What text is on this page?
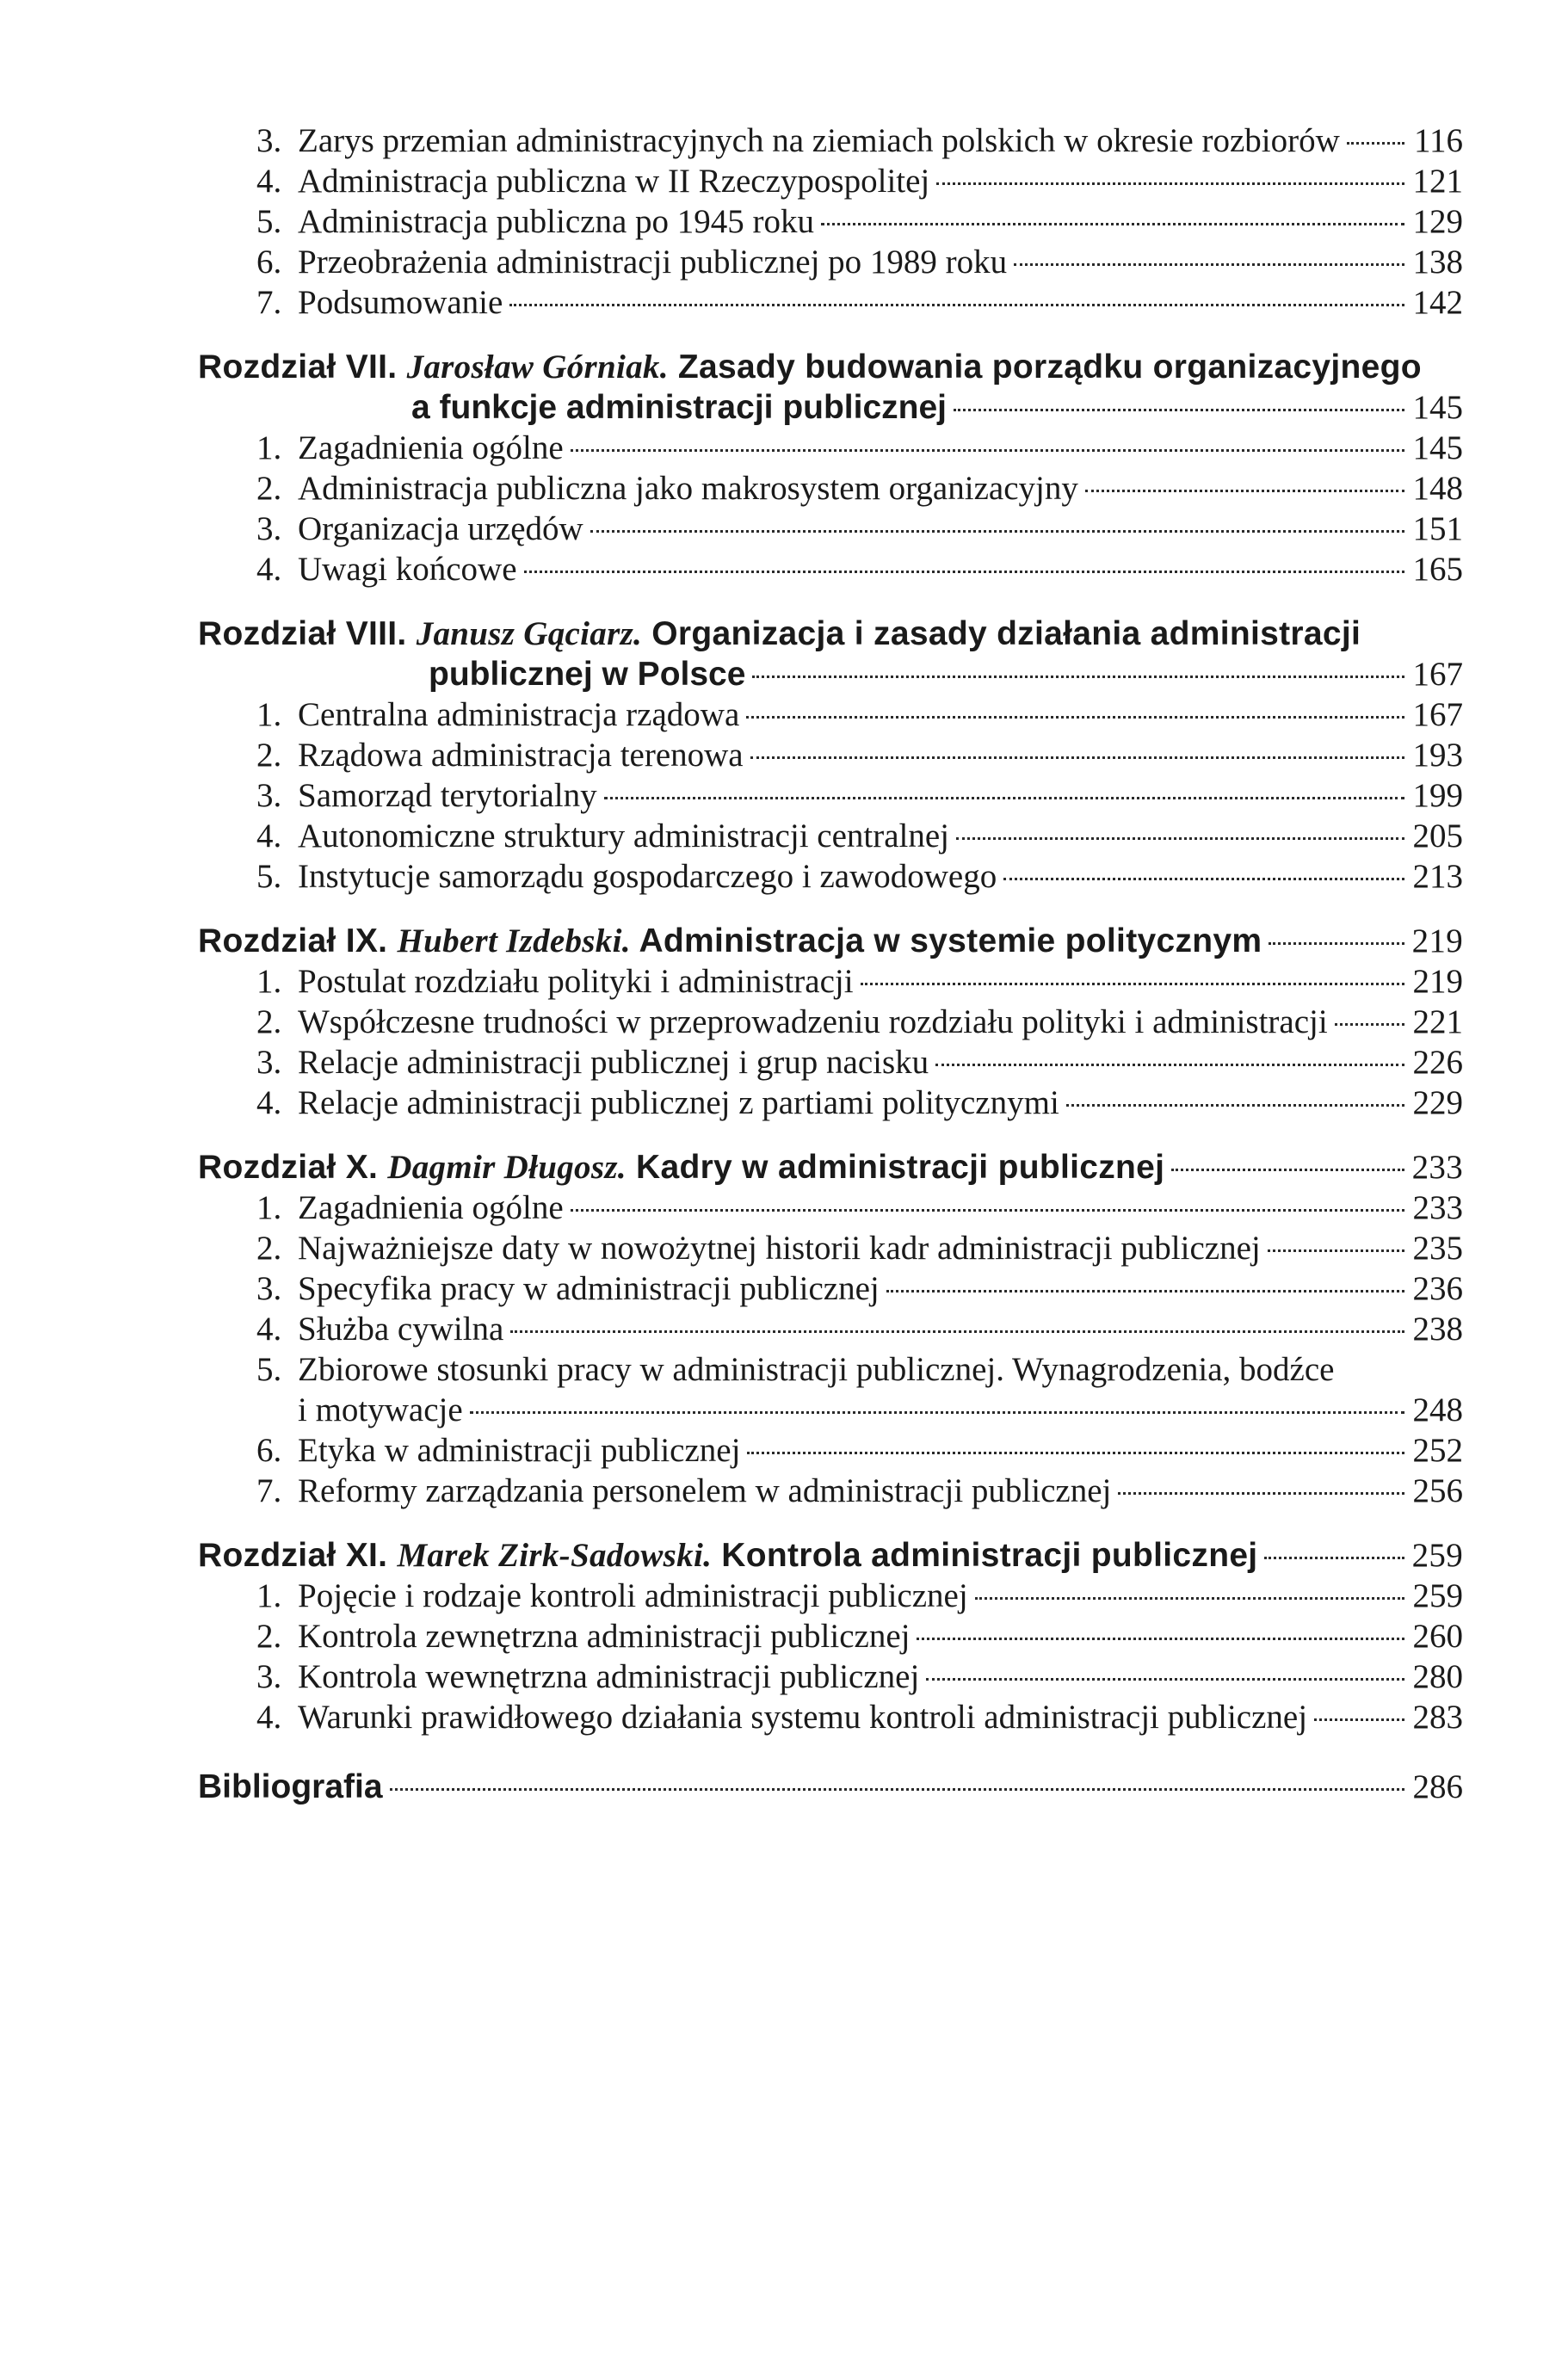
3. Zarys przemian administracyjnych na ziemiach polskich w okresie rozbiorów 116
4. Administracja publiczna w II Rzeczypospolitej	121
5. Administracja publiczna po 1945 roku	129
6. Przeobrażenia administracji publicznej po 1989 roku	138
7. Podsumowanie	142
Rozdział VII. Jarosław Górniak. Zasady budowania porządku organizacyjnego
a funkcje administracji publicznej	145
1. Zagadnienia ogólne	145
2. Administracja publiczna jako makrosystem organizacyjny	148
3. Organizacja urzędów	151
4. Uwagi końcowe	165
Rozdział VIII. Janusz Gąciarz. Organizacja i zasady działania administracji
publicznej w Polsce	167
1. Centralna administracja rządowa	167
2. Rządowa administracja terenowa	193
3. Samorząd terytorialny	199
4. Autonomiczne struktury administracji centralnej	205
5. Instytucje samorządu gospodarczego i zawodowego	213
Rozdział IX. Hubert Izdebski. Administracja w systemie politycznym	219
1. Postulat rozdziału polityki i administracji	219
2. Współczesne trudności w przeprowadzeniu rozdziału polityki i administracji	221
3. Relacje administracji publicznej i grup nacisku	226
4. Relacje administracji publicznej z partiami politycznymi	229
Rozdział X. Dagmir Długosz. Kadry w administracji publicznej	233
1. Zagadnienia ogólne	233
2. Najważniejsze daty w nowożytnej historii kadr administracji publicznej	235
3. Specyfika pracy w administracji publicznej	236
4. Służba cywilna	238
5. Zbiorowe stosunki pracy w administracji publicznej. Wynagrodzenia, bodźce
i motywacje	248
6. Etyka w administracji publicznej	252
7. Reformy zarządzania personelem w administracji publicznej	256
Rozdział XI. Marek Zirk-Sadowski. Kontrola administracji publicznej	259
1. Pojęcie i rodzaje kontroli administracji publicznej	259
2. Kontrola zewnętrzna administracji publicznej	260
3. Kontrola wewnętrzna administracji publicznej	280
4. Warunki prawidłowego działania systemu kontroli administracji publicznej	283
Bibliografia	286
